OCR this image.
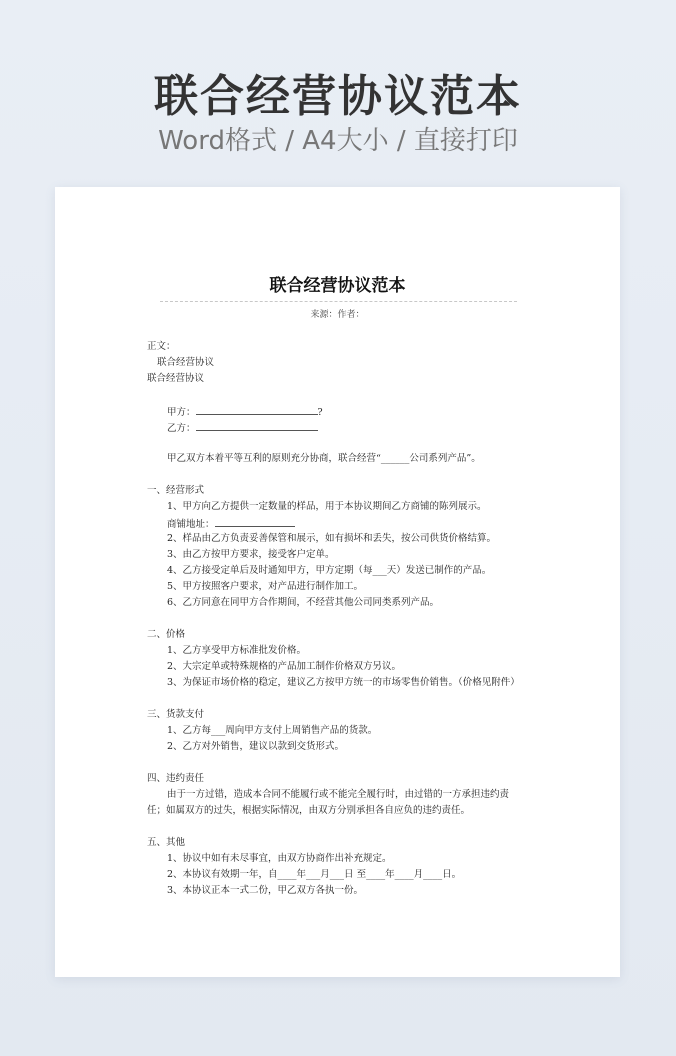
联合经营协议范本
Word格式 / A4大小 / 直接打印
联合经营协议范本
来源：作者：
正文：
联合经营协议
联合经营协议
甲方：	?
乙方：
甲乙双方本着平等互利的原则充分协商，联合经营“______公司系列产品”。
一、经营形式
1、甲方向乙方提供一定数量的样品，用于本协议期间乙方商铺的陈列展示。
商铺地址：
2、样品由乙方负责妥善保管和展示，如有损坏和丢失，按公司供货价格结算。
3、由乙方按甲方要求，接受客户定单。
4、乙方接受定单后及时通知甲方，甲方定期（每___天）发送已制作的产品。
5、甲方按照客户要求，对产品进行制作加工。
6、乙方同意在同甲方合作期间，不经营其他公司同类系列产品。
二、价格
1、乙方享受甲方标准批发价格。
2、大宗定单或特殊规格的产品加工制作价格双方另议。
3、为保证市场价格的稳定，建议乙方按甲方统一的市场零售价销售。（价格见附件）
三、货款支付
1、乙方每___周向甲方支付上周销售产品的货款。
2、乙方对外销售，建议以款到交货形式。
四、违约责任
由于一方过错，造成本合同不能履行或不能完全履行时，由过错的一方承担违约责任；如属双方的过失，根据实际情况，由双方分别承担各自应负的违约责任。
五、其他
1、协议中如有未尽事宜，由双方协商作出补充规定。
2、本协议有效期一年，自____年___月___日 至____年____月____日。
3、本协议正本一式二份，甲乙双方各执一份。
